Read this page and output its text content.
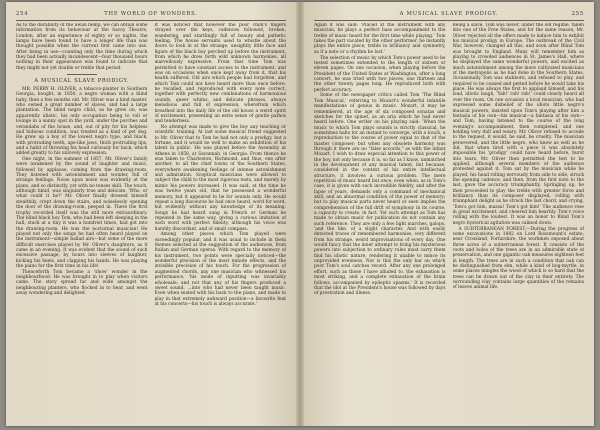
254	THE WORLD OF WONDERS.

As to the durability of the Swan hemp, we can obtain some information from its behaviour at the Savoy Theatre, London, after an experience of eighty or so nights, the lamps have been found to have a longer life than was thought possible when the current first came into use. After being in use—counting only the time during which they had been actually incandescent—four thousand hours nothing in their appearance was found to indicate that they might not yet double or treble that period.

A MUSICAL SLAVE PRODIGY.

MR. PERRY H. OLIVER, a tobacco-planter in Southern Georgia, bought, in 1850, a negro woman with a blind baby, then a few months old. Mr. Oliver was a kind master, who owned a great number of slaves, and had a large plantation. The blind negro child, as he grew on, was apparently idiotic, his only occupation being to roll or lounge in a sunny spot in the yard, under the porches and verandahs of the house, and, out of pity for his helpless and hideous condition, was treated as a kind of pet dog. He grew up a boy of the lowest negro type, and black, with protruding teeth, ape-like jaws, thick protruding lips, and a habit of throwing his head curiously for back, which added greatly to his unlovely expression.

One night, in the summer of 1857, Mr. Oliver's family were awakened by the sound of laughter and music, followed by applause, coming from the drawing-room. They listened with astonishment and wonder, full of strange feelings. Noise upon noise was evidently at the piano, and so distinctly, yet with no tenses skill. The touch, although timid, was singularly true and delicate. 'Who, or what could it be?' Mr. Oliver finally dressed himself stealthily, crept down the stairs, and noiselessly opening the door of the drawing-room, peeped in. There the first trophy recorded itself was the still more extraordinary. The blind black boy Tom, who had been left sleeping in the hall, stuck at a tiny it was a hundred times, had got into the drawing-room. He was the nocturnal musician! He played not only the songs he had often heard played on the instrument—simple ballad airs—but some of the more difficult exercises played by Mr. Oliver's daughters, as it came in an evening. It was evident that the sound of such excessive passage, by hours into sleeves of laughter, kicking his heels, and clapping his hands. He was playing the piano for the first time in his life!

Thenceforth Tom became a 'show' wonder in the neighbourhood. He was brought in to play when visitors came. The story spread far and wide amongst the neighbouring planters, who flocked in to hear, and went away wondering and delighted.

It was noticed that however the poor child's fingers strayed over the keys, cadences followed, broken, wandering, and startlingly full of beauty and pathetic feeling. The house servants used to whistle about the doors to look in at the strange, unsightly little face and figure of the black boy perched up before the instrument, from which he drew forth wild unknown harmonies, all marvellously expressive. From that time Tom was permitted to have constant access to the instrument, and was on occasions when once kept away from it, that his health suffered. Old airs which people had forgotten, and which Tom could not have heard more than once before, he recalled, and reproduced with every note correct, together with perfectly new combinations of harmonious sounds, queer whims, and delicate phrases, always melodious and full of expression, wherefrom which breathed into the daily life of the old house a weird spirit of excitement, presenting an eerie sense of gentle pathos and tenderness.

No attempt was made to give the boy any teaching or scientific training. At last some musical friend suggested to Mr. Oliver that to Tom he had not only a prodigy, but a fortune, and it would be well to make an exhibition of his talent in public. He was played before the Assembly at Athens in 1858, at Savannah, in Georgia. From thence he was taken to Charleston, Richmond, and thus, one after another, to all the chief towns of the Southern States, everywhere awakening feelings of intense astonishment and admiration. Sceptical musicians were allowed to subject the child to the most rigorous tests, and merely by mimic his powers increased. It was said, at the time he was twelve years old, that he possessed a wonderful memory, but it appeared to be for sounds only. He would repeat a long discourse he had once heard, word for word, but evidently without any knowledge of its meaning. Songs he had heard sung in French or German he repeated in the same way, giving a curious imitation of each word with perfect fidelity, although his voice was harshly discordant, and of small compass.

Among other pieces which Tom played were exceedingly popular, and it was usual to include in them themes selected at the suggestion of the audiences, from Italian and German operas. With regard to the memory of his instrument, two points were specially noticed—the wonderful precision of the most minute effects, and the invisible precision of his touch. For the progression of augmented chords, any one musician who witnessed his performance, 'his mode of inputting was invariably wholesale; and not that any of his fingers produced a sweet sound, ...into who had never been taught music. Even when seated with his back to the piano, and made to play in that extremely awkward position—a favourite feat at his concerts—his touch is always accurate.'

A MUSICAL SLAVE PRODIGY.	255

Again it was said: 'Placed at the instrument with any musician, he plays a perfect bass accompaniment to the treble of music heard for the first time while playing.' Tom takes the part vacated by the other performer, he instantly plays the entire piece, treble in brilliancy and symmetry, as if a note or a rhythm be lost.'

The selection of music by which Tom's power used to be tested sometimes extended to the length of sixteen or eleven pages. On one occasion, when playing before the President of the United States at Washington, after a long concert, he was tried with two pieces, one thirteen and the other twenty pages long. He reproduced both with perfect accuracy.

Some of the newspaper critics called Tom 'The Blind Tom Musical,' referring to Mozart's wonderful infantile manifestations of genius in music. Mozart, it may be remembered, at the age of six composed sonatas and sketches for the spinet, as an aria which he had never heard before. One writer on his playing said: 'When the music to which Tom plays sounds is strictly classical, he sometimes halts for an instant to converge, with a touch, a reproduction to the course of power equal to that of the master composer; but when any obsolete harmony was through it there are no "false accords," as with the infant Mozart. I wish to draw especial attention to this power of the boy, not only because it is, so far as I know, unmatched in the development of any musical talent, but because, considered in the context of his entire intellectual structure, it involves a curious problem. The mere repetition of music heard but once, even when, as in Tom's case, it is given with such incredible fidelity, and after the lapse of years, demands only a command of mechanical skill, and an abnormal condition of the power of memory; but to play musical parts never heard or seen implies the comprehension of the full drift of symphony in its course, a capacity to create, in fact. Yet such attempt as Tom has made to obtain music for publication do not contain any such reference. They are only a few light marches, galops, 'and the like, of a slight character. And with easily detected traces of remembered harmonies, very different from his strange, weird improvisations of every day. One would fancy that the inner attempt to bring his mysterious powers into subjection to ordinary rules must carry them find his idiotic nature, rendering it unable to mince its unprovided evenness. Nor is this the only bar on which poor Tom's soul catches record. After any one prolonged effort, such as those I have alluded to, the exhaustion is most striking, and a complete exhaustion of the brain follows, accompanied by epileptic spasms.' It is recorded that the idol at the President's house was followed by days of prostration and illness.

Being a slave, Tom was never, under the old régime, taken into one of the Free States, and for the same reason, Mr. Oliver rejected all the offers made to induce him to exhibit his musical prodigy in Europe. The outbreak of the Civil War, however, changed all this, and soon after Blind Tom was brought to England. Many will remember him as playing to crowded audiences in St. James's Hall, where he displayed the same wonderful powers, and excited as much astonishment among the more cultivated musicians of the metropolis as he had done in the Southern States. Occasionally Tom was stubborn, and refused to play, and required to be coaxed and petted before he would take his place. He was always the first to applaud himself, and his loud, idiotic laugh, 'Yah!' rah! rah!' could clearly heard all over the room. On one occasion a local musician, who had expressed some disbelief of the idiots little negro's musical powers, insisted upon Tom's playing after him a fantasia of his own—his musical—a fantasia of his own—and Tom, having listened to the course of the long evening's accompaniment, then completed, and one holding very dull and weary. Mr. Oliver refused to accede to the request, it would, he said, be cruelty. The musician persevered, and the little negro, who knew as well as he did, that when tired with a piece it was absolutely impossible his 'prodigy' could have heard before, burst into tears. Mr. Oliver then permitted the test to be applied, although several members of the audience protested against it. Tom sat by the musician while he played, his head rolling nervously from side to side, struck the opening cadence, and then, from the first note to the last, gave the accuracy triumphantly. Springing up, he then proceeded to play the treble with greater force and brilliancy than its composer displayed, rolling with triumphant delight as he struck the last chord, and crying, 'Tom's got him, massa! Tom's got him!' The audience rose in great excitement, and cheered him heartily. Tom's voice rolling with the loudest. It was an honor to Blind Tom's negro hysterical agitation was calmed down.

A SUBTERRANEAN FOREST.—During the progress of some excavations in 1882 on Lord Rossmount's estate, near Crossland, Forfarshire, the workmen exposed about three acres of a subterranean forest. It consists of the roots and boles of the trees are in an admirable state of preservation, and one gigantic oak measures eighteen feet in length. The trees are in such a condition that oak can be distinguished from elm, while a kind of bog-myrtle, in some places mingles the wood of which is so hard that the trees can be drawn out of the clay in their entirety. The surrounding clay contains large quantities of the remains of leaves animal life.
